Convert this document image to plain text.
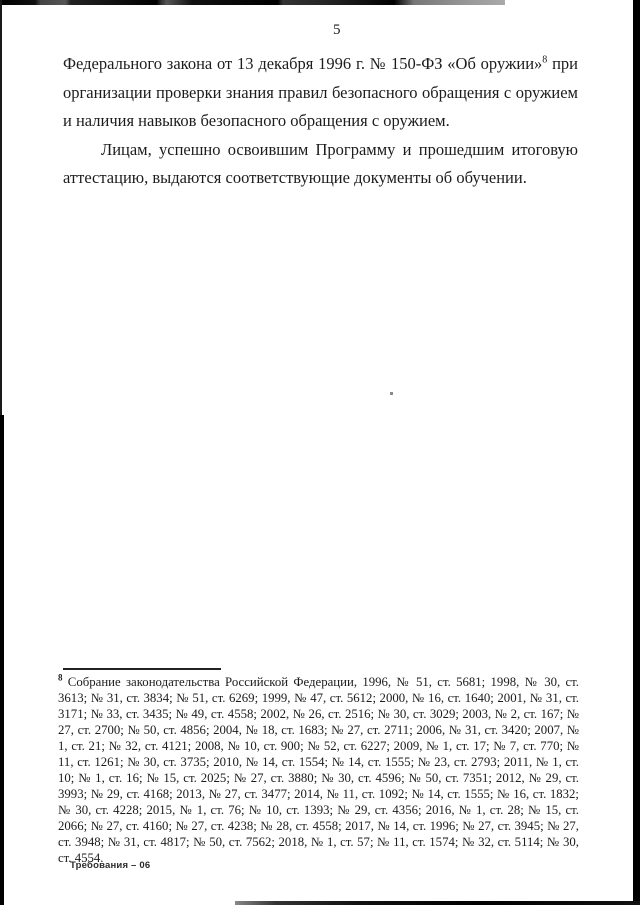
5

Федерального закона от 13 декабря 1996 г. № 150-ФЗ «Об оружии»$^8$ при организации проверки знания правил безопасного обращения с оружием и наличия навыков безопасного обращения с оружием.

Лицам, успешно освоившим Программу и прошедшим итоговую аттестацию, выдаются соответствующие документы об обучении.

$^8$ Собрание законодательства Российской Федерации, 1996, № 51, ст. 5681; 1998, № 30, ст. 3613; № 31, ст. 3834; № 51, ст. 6269; 1999, № 47, ст. 5612; 2000, № 16, ст. 1640; 2001, № 31, ст. 3171; № 33, ст. 3435; № 49, ст. 4558; 2002, № 26, ст. 2516; № 30, ст. 3029; 2003, № 2, ст. 167; № 27, ст. 2700; № 50, ст. 4856; 2004, № 18, ст. 1683; № 27, ст. 2711; 2006, № 31, ст. 3420; 2007, № 1, ст. 21; № 32, ст. 4121; 2008, № 10, ст. 900; № 52, ст. 6227; 2009, № 1, ст. 17; № 7, ст. 770; № 11, ст. 1261; № 30, ст. 3735; 2010, № 14, ст. 1554; № 14, ст. 1555; № 23, ст. 2793; 2011, № 1, ст. 10; № 1, ст. 16; № 15, ст. 2025; № 27, ст. 3880; № 30, ст. 4596; № 50, ст. 7351; 2012, № 29, ст. 3993; № 29, ст. 4168; 2013, № 27, ст. 3477; 2014, № 11, ст. 1092; № 14, ст. 1555; № 16, ст. 1832; № 30, ст. 4228; 2015, № 1, ст. 76; № 10, ст. 1393; № 29, ст. 4356; 2016, № 1, ст. 28; № 15, ст. 2066; № 27, ст. 4160; № 27, ст. 4238; № 28, ст. 4558; 2017, № 14, ст. 1996; № 27, ст. 3945; № 27, ст. 3948; № 31, ст. 4817; № 50, ст. 7562; 2018, № 1, ст. 57; № 11, ст. 1574; № 32, ст. 5114; № 30, ст. 4554.

Требования – 06
